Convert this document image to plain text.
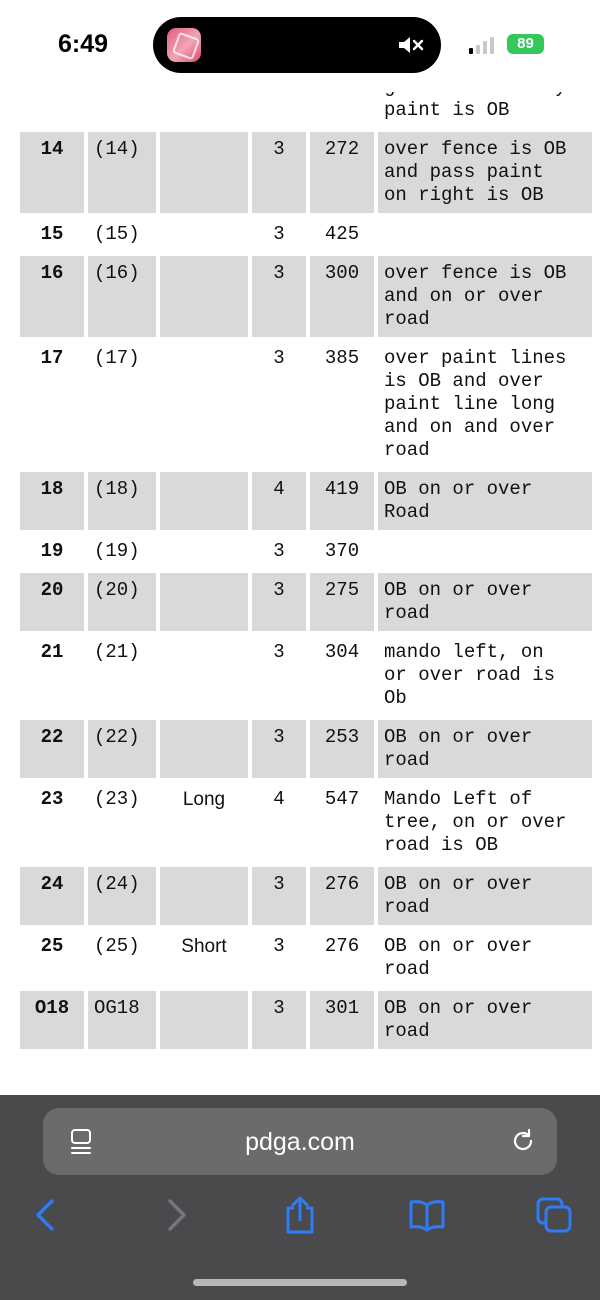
paint is OB
14	(14)		3	272	over fence is OB
and pass paint
on right is OB
15	(15)		3	425	
16	(16)		3	300	over fence is OB
and on or over
road
17	(17)		3	385	over paint lines
is OB and over
paint line long
and on and over
road
18	(18)		4	419	OB on or over
Road
19	(19)		3	370	
20	(20)		3	275	OB on or over
road
21	(21)		3	304	mando left, on
or over road is
Ob
22	(22)		3	253	OB on or over
road
23	(23)	Long	4	547	Mando Left of
tree, on or over
road is OB
24	(24)		3	276	OB on or over
road
25	(25)	Short	3	276	OB on or over
road
O18	OG18		3	301	OB on or over
road
6:49	89
pdga.com
